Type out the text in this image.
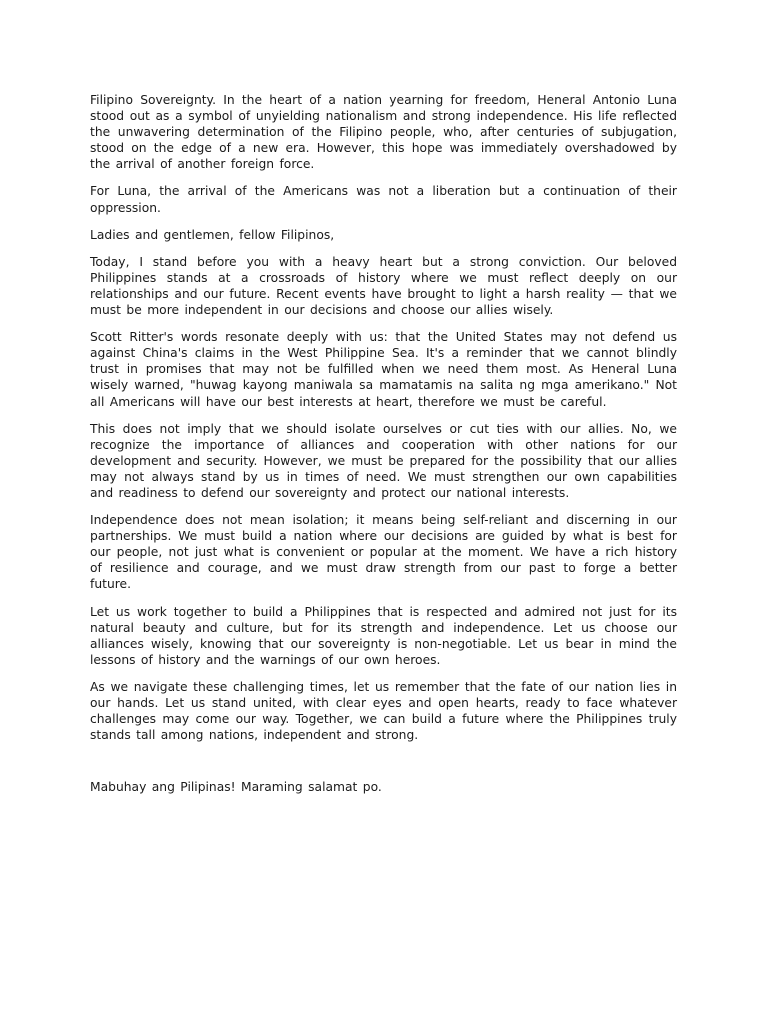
Filipino Sovereignty. In the heart of a nation yearning for freedom, Heneral Antonio Luna stood out as a symbol of unyielding nationalism and strong independence. His life reflected the unwavering determination of the Filipino people, who, after centuries of subjugation, stood on the edge of a new era. However, this hope was immediately overshadowed by the arrival of another foreign force.

For Luna, the arrival of the Americans was not a liberation but a continuation of their oppression.

Ladies and gentlemen, fellow Filipinos,

Today, I stand before you with a heavy heart but a strong conviction. Our beloved Philippines stands at a crossroads of history where we must reflect deeply on our relationships and our future. Recent events have brought to light a harsh reality — that we must be more independent in our decisions and choose our allies wisely.

Scott Ritter's words resonate deeply with us: that the United States may not defend us against China's claims in the West Philippine Sea. It's a reminder that we cannot blindly trust in promises that may not be fulfilled when we need them most. As Heneral Luna wisely warned, "huwag kayong maniwala sa mamatamis na salita ng mga amerikano." Not all Americans will have our best interests at heart, therefore we must be careful.

This does not imply that we should isolate ourselves or cut ties with our allies. No, we recognize the importance of alliances and cooperation with other nations for our development and security. However, we must be prepared for the possibility that our allies may not always stand by us in times of need. We must strengthen our own capabilities and readiness to defend our sovereignty and protect our national interests.

Independence does not mean isolation; it means being self-reliant and discerning in our partnerships. We must build a nation where our decisions are guided by what is best for our people, not just what is convenient or popular at the moment. We have a rich history of resilience and courage, and we must draw strength from our past to forge a better future.

Let us work together to build a Philippines that is respected and admired not just for its natural beauty and culture, but for its strength and independence. Let us choose our alliances wisely, knowing that our sovereignty is non-negotiable. Let us bear in mind the lessons of history and the warnings of our own heroes.

As we navigate these challenging times, let us remember that the fate of our nation lies in our hands. Let us stand united, with clear eyes and open hearts, ready to face whatever challenges may come our way. Together, we can build a future where the Philippines truly stands tall among nations, independent and strong.

Mabuhay ang Pilipinas! Maraming salamat po.
